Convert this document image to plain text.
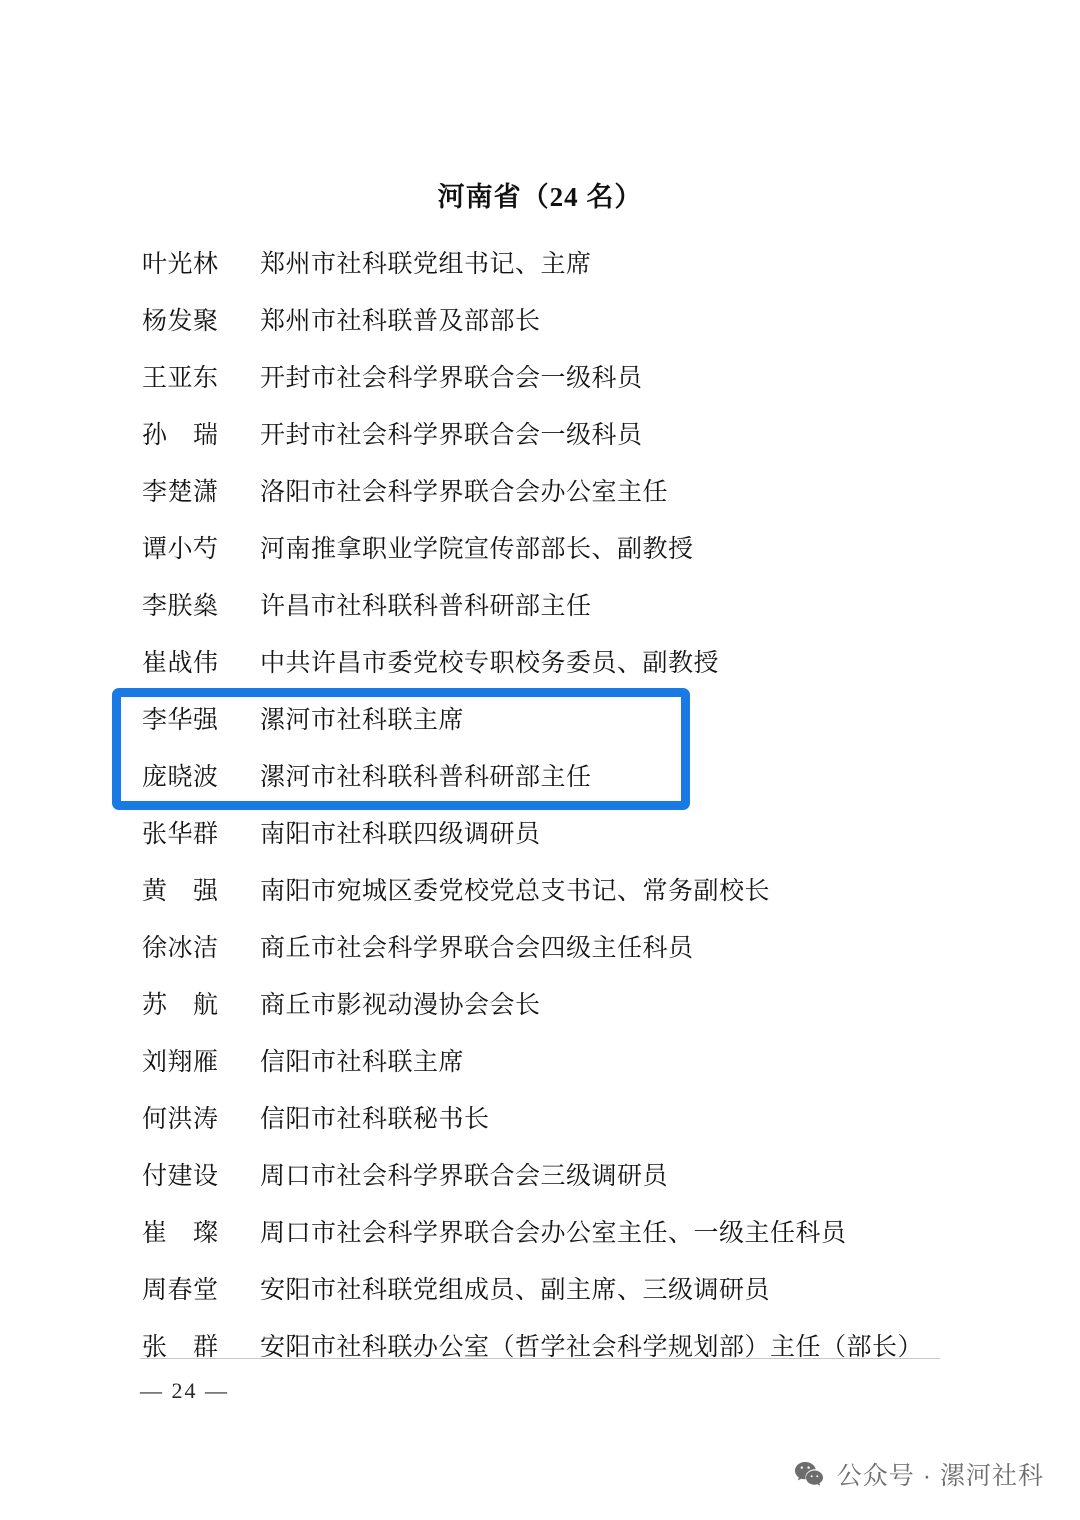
河南省（24 名）
叶光林	郑州市社科联党组书记、主席
杨发聚	郑州市社科联普及部部长
王亚东	开封市社会科学界联合会一级科员
孙　瑞	开封市社会科学界联合会一级科员
李楚潇	洛阳市社会科学界联合会办公室主任
谭小芍	河南推拿职业学院宣传部部长、副教授
李朕燊	许昌市社科联科普科研部主任
崔战伟	中共许昌市委党校专职校务委员、副教授
李华强	漯河市社科联主席
庞晓波	漯河市社科联科普科研部主任
张华群	南阳市社科联四级调研员
黄　强	南阳市宛城区委党校党总支书记、常务副校长
徐冰洁	商丘市社会科学界联合会四级主任科员
苏　航	商丘市影视动漫协会会长
刘翔雁	信阳市社科联主席
何洪涛	信阳市社科联秘书长
付建设	周口市社会科学界联合会三级调研员
崔　璨	周口市社会科学界联合会办公室主任、一级主任科员
周春堂	安阳市社科联党组成员、副主席、三级调研员
张　群	安阳市社科联办公室（哲学社会科学规划部）主任（部长）
— 24 —
公众号 · 漯河社科
